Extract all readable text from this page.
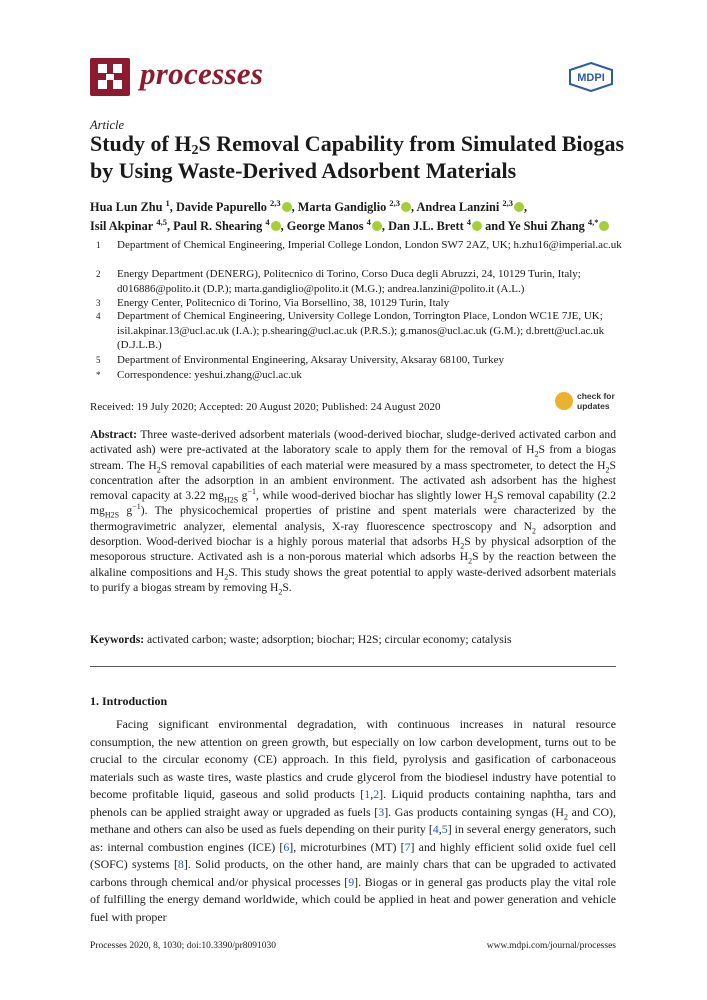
processes	MDPI
Article
Study of $H_2S$ Removal Capability from Simulated Biogas by Using Waste-Derived Adsorbent Materials
Hua Lun Zhu $^1$, Davide Papurello $^{2,3}$ , Marta Gandiglio $^{2,3}$ , Andrea Lanzini $^{2,3}$ ,
Isil Akpinar $^{4,5}$, Paul R. Shearing $^4$ , George Manos $^4$ , Dan J.L. Brett $^4$ and Ye Shui Zhang $^{4,*}$
1 Department of Chemical Engineering, Imperial College London, London SW7 2AZ, UK; h.zhu16@imperial.ac.uk
2 Energy Department (DENERG), Politecnico di Torino, Corso Duca degli Abruzzi, 24, 10129 Turin, Italy; d016886@polito.it (D.P.); marta.gandiglio@polito.it (M.G.); andrea.lanzini@polito.it (A.L.)
3 Energy Center, Politecnico di Torino, Via Borsellino, 38, 10129 Turin, Italy
4 Department of Chemical Engineering, University College London, Torrington Place, London WC1E 7JE, UK; isil.akpinar.13@ucl.ac.uk (I.A.); p.shearing@ucl.ac.uk (P.R.S.); g.manos@ucl.ac.uk (G.M.); d.brett@ucl.ac.uk (D.J.L.B.)
5 Department of Environmental Engineering, Aksaray University, Aksaray 68100, Turkey
* Correspondence: yeshui.zhang@ucl.ac.uk
Received: 19 July 2020; Accepted: 20 August 2020; Published: 24 August 2020
check for
updates
Abstract: Three waste-derived adsorbent materials (wood-derived biochar, sludge-derived activated carbon and activated ash) were pre-activated at the laboratory scale to apply them for the removal of $H_2S$ from a biogas stream. The $H_2S$ removal capabilities of each material were measured by a mass spectrometer, to detect the $H_2S$ concentration after the adsorption in an ambient environment. The activated ash adsorbent has the highest removal capacity at 3.22 $mg_{H2S}$ $g^{-1}$, while wood-derived biochar has slightly lower $H_2S$ removal capability (2.2 $mg_{H2S}$ $g^{-1}$). The physicochemical properties of pristine and spent materials were characterized by the thermogravimetric analyzer, elemental analysis, X-ray fluorescence spectroscopy and $N_2$ adsorption and desorption. Wood-derived biochar is a highly porous material that adsorbs $H_2S$ by physical adsorption of the mesoporous structure. Activated ash is a non-porous material which adsorbs $H_2S$ by the reaction between the alkaline compositions and $H_2S$. This study shows the great potential to apply waste-derived adsorbent materials to purify a biogas stream by removing $H_2S$.
Keywords: activated carbon; waste; adsorption; biochar; H2S; circular economy; catalysis
1. Introduction
Facing significant environmental degradation, with continuous increases in natural resource consumption, the new attention on green growth, but especially on low carbon development, turns out to be crucial to the circular economy (CE) approach. In this field, pyrolysis and gasification of carbonaceous materials such as waste tires, waste plastics and crude glycerol from the biodiesel industry have potential to become profitable liquid, gaseous and solid products [1,2]. Liquid products containing naphtha, tars and phenols can be applied straight away or upgraded as fuels [3]. Gas products containing syngas ($H_2$ and CO), methane and others can also be used as fuels depending on their purity [4,5] in several energy generators, such as: internal combustion engines (ICE) [6], microturbines (MT) [7] and highly efficient solid oxide fuel cell (SOFC) systems [8]. Solid products, on the other hand, are mainly chars that can be upgraded to activated carbons through chemical and/or physical processes [9]. Biogas or in general gas products play the vital role of fulfilling the energy demand worldwide, which could be applied in heat and power generation and vehicle fuel with proper
Processes 2020, 8, 1030; doi:10.3390/pr8091030	www.mdpi.com/journal/processes
